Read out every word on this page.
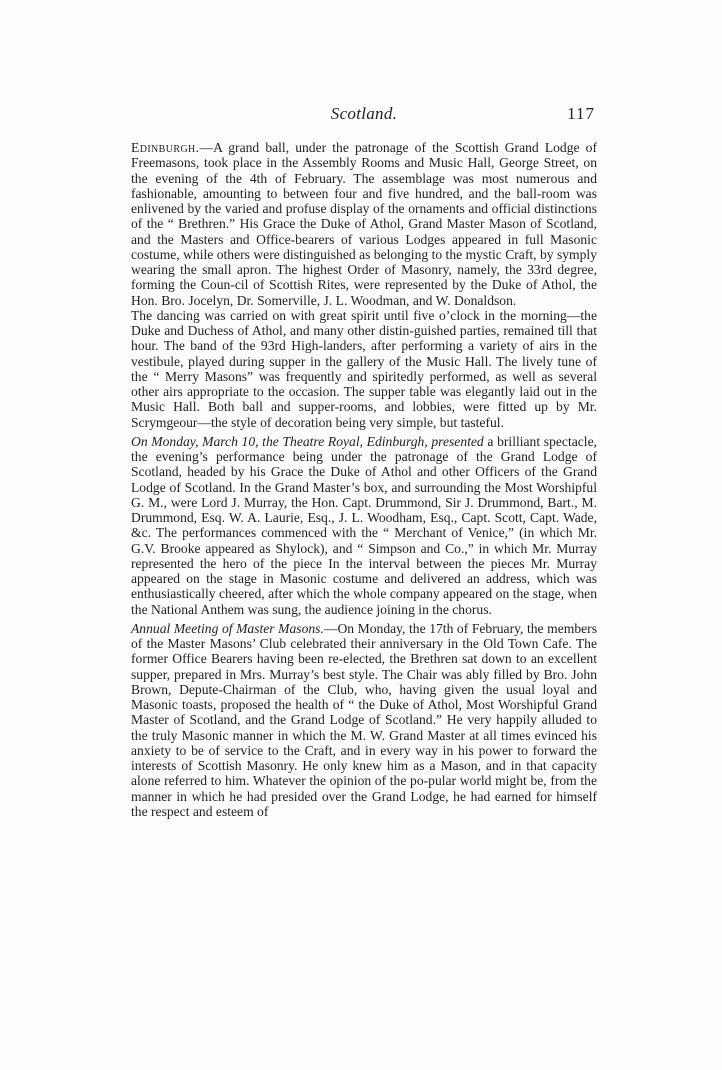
Scotland.	117

Edinburgh.—A grand ball, under the patronage of the Scottish Grand Lodge of Freemasons, took place in the Assembly Rooms and Music Hall, George Street, on the evening of the 4th of February. The assemblage was most numerous and fashionable, amounting to between four and five hundred, and the ball-room was enlivened by the varied and profuse display of the ornaments and official distinctions of the “ Brethren.” His Grace the Duke of Athol, Grand Master Mason of Scotland, and the Masters and Office-bearers of various Lodges appeared in full Masonic costume, while others were distinguished as belonging to the mystic Craft, by symply wearing the small apron. The highest Order of Masonry, namely, the 33rd degree, forming the Coun-cil of Scottish Rites, were represented by the Duke of Athol, the Hon. Bro. Jocelyn, Dr. Somerville, J. L. Woodman, and W. Donaldson.

The dancing was carried on with great spirit until five o’clock in the morning—the Duke and Duchess of Athol, and many other distin-guished parties, remained till that hour. The band of the 93rd High-landers, after performing a variety of airs in the vestibule, played during supper in the gallery of the Music Hall. The lively tune of the “ Merry Masons” was frequently and spiritedly performed, as well as several other airs appropriate to the occasion. The supper table was elegantly laid out in the Music Hall. Both ball and supper-rooms, and lobbies, were fitted up by Mr. Scrymgeour—the style of decoration being very simple, but tasteful.

On Monday, March 10, the Theatre Royal, Edinburgh, presented a brilliant spectacle, the evening’s performance being under the patronage of the Grand Lodge of Scotland, headed by his Grace the Duke of Athol and other Officers of the Grand Lodge of Scotland. In the Grand Master’s box, and surrounding the Most Worshipful G. M., were Lord J. Murray, the Hon. Capt. Drummond, Sir J. Drummond, Bart., M. Drummond, Esq. W. A. Laurie, Esq., J. L. Woodham, Esq., Capt. Scott, Capt. Wade, &c. The performances commenced with the “ Merchant of Venice,” (in which Mr. G.V. Brooke appeared as Shylock), and “ Simpson and Co.,” in which Mr. Murray represented the hero of the piece In the interval between the pieces Mr. Murray appeared on the stage in Masonic costume and delivered an address, which was enthusiastically cheered, after which the whole company appeared on the stage, when the National Anthem was sung, the audience joining in the chorus.

Annual Meeting of Master Masons.—On Monday, the 17th of February, the members of the Master Masons’ Club celebrated their anniversary in the Old Town Cafe. The former Office Bearers having been re-elected, the Brethren sat down to an excellent supper, prepared in Mrs. Murray’s best style. The Chair was ably filled by Bro. John Brown, Depute-Chairman of the Club, who, having given the usual loyal and Masonic toasts, proposed the health of “ the Duke of Athol, Most Worshipful Grand Master of Scotland, and the Grand Lodge of Scotland.” He very happily alluded to the truly Masonic manner in which the M. W. Grand Master at all times evinced his anxiety to be of service to the Craft, and in every way in his power to forward the interests of Scottish Masonry. He only knew him as a Mason, and in that capacity alone referred to him. Whatever the opinion of the po-pular world might be, from the manner in which he had presided over the Grand Lodge, he had earned for himself the respect and esteem of
